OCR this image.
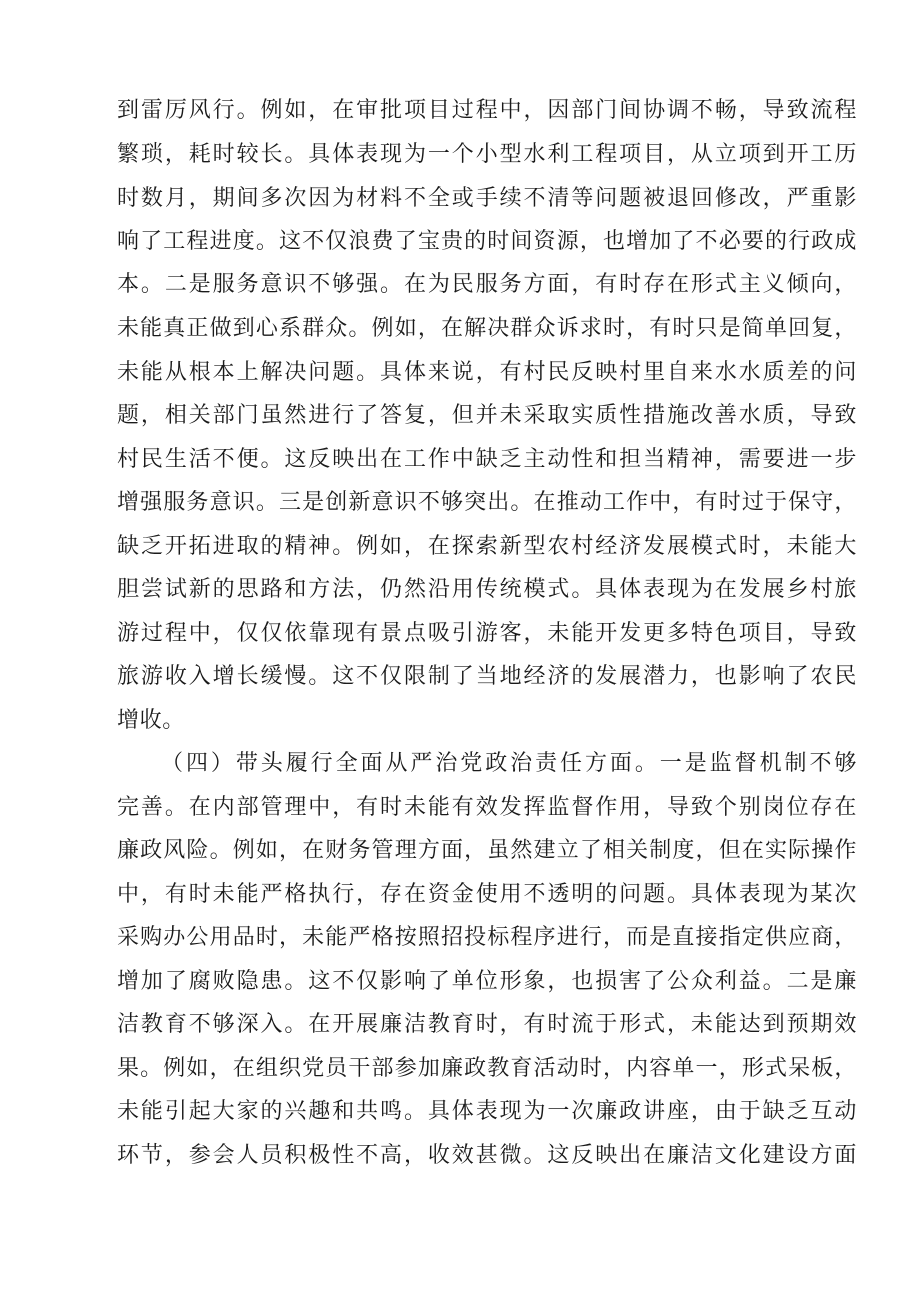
到雷厉风行。例如，在审批项目过程中，因部门间协调不畅，导致流程
繁琐，耗时较长。具体表现为一个小型水利工程项目，从立项到开工历
时数月，期间多次因为材料不全或手续不清等问题被退回修改，严重影
响了工程进度。这不仅浪费了宝贵的时间资源，也增加了不必要的行政成
本。二是服务意识不够强。在为民服务方面，有时存在形式主义倾向，
未能真正做到心系群众。例如，在解决群众诉求时，有时只是简单回复，
未能从根本上解决问题。具体来说，有村民反映村里自来水水质差的问
题，相关部门虽然进行了答复，但并未采取实质性措施改善水质，导致
村民生活不便。这反映出在工作中缺乏主动性和担当精神，需要进一步
增强服务意识。三是创新意识不够突出。在推动工作中，有时过于保守，
缺乏开拓进取的精神。例如，在探索新型农村经济发展模式时，未能大
胆尝试新的思路和方法，仍然沿用传统模式。具体表现为在发展乡村旅
游过程中，仅仅依靠现有景点吸引游客，未能开发更多特色项目，导致
旅游收入增长缓慢。这不仅限制了当地经济的发展潜力，也影响了农民
增收。
（四）带头履行全面从严治党政治责任方面。一是监督机制不够
完善。在内部管理中，有时未能有效发挥监督作用，导致个别岗位存在
廉政风险。例如，在财务管理方面，虽然建立了相关制度，但在实际操作
中，有时未能严格执行，存在资金使用不透明的问题。具体表现为某次
采购办公用品时，未能严格按照招投标程序进行，而是直接指定供应商，
增加了腐败隐患。这不仅影响了单位形象，也损害了公众利益。二是廉
洁教育不够深入。在开展廉洁教育时，有时流于形式，未能达到预期效
果。例如，在组织党员干部参加廉政教育活动时，内容单一，形式呆板，
未能引起大家的兴趣和共鸣。具体表现为一次廉政讲座，由于缺乏互动
环节，参会人员积极性不高，收效甚微。这反映出在廉洁文化建设方面
